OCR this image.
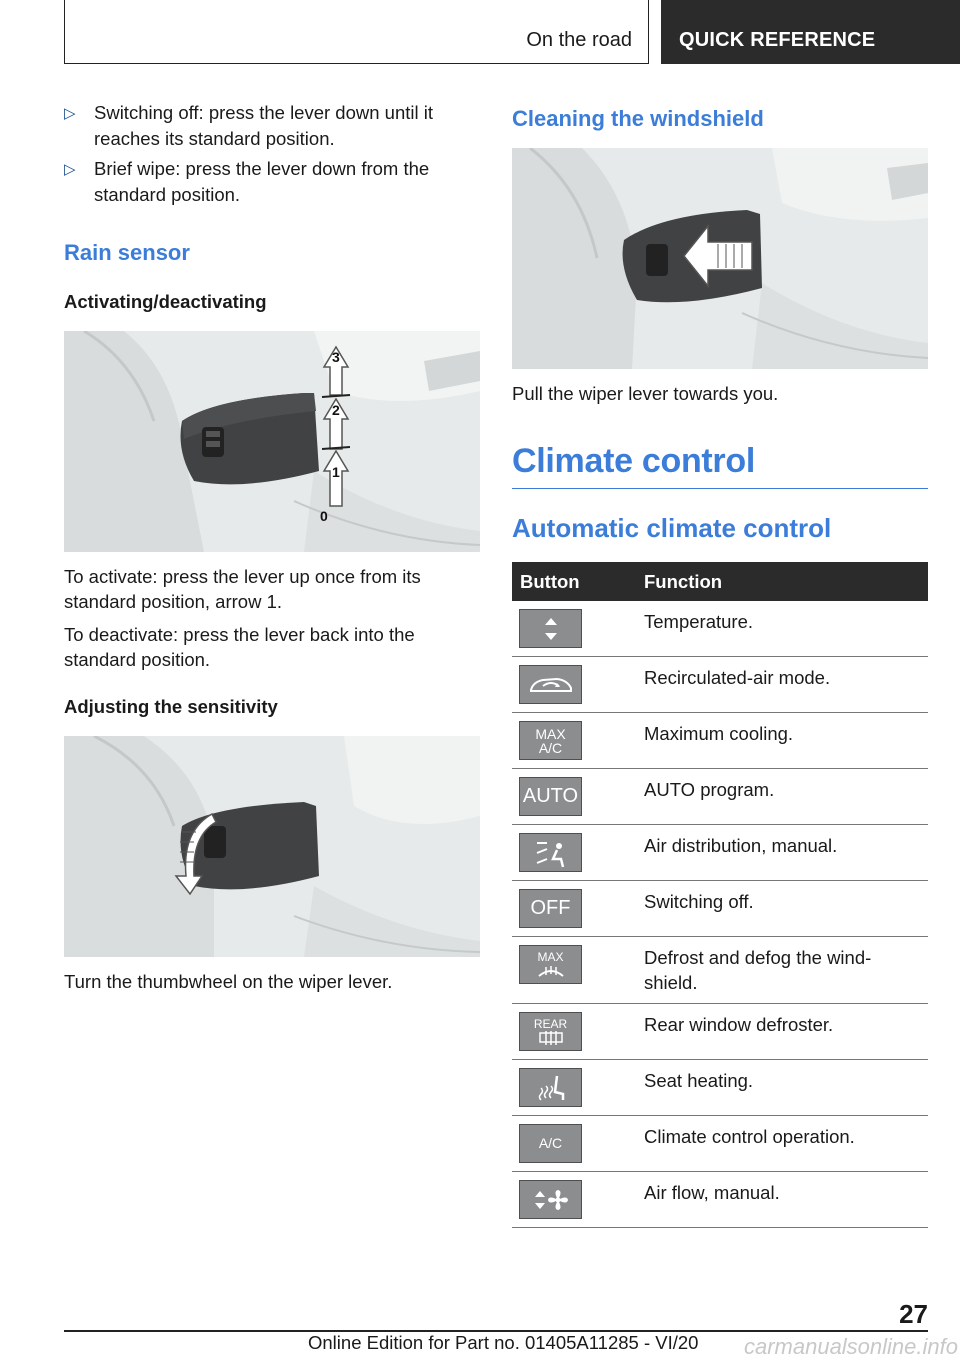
On the road QUICK REFERENCE
▷ Switching off: press the lever down until it reaches its standard position.
▷ Brief wipe: press the lever down from the standard position.
Rain sensor
Activating/deactivating
3
2
1
0
To activate: press the lever up once from its standard position, arrow 1.
To deactivate: press the lever back into the standard position.
Adjusting the sensitivity
Turn the thumbwheel on the wiper lever.
Cleaning the windshield
Pull the wiper lever towards you.
Climate control
Automatic climate control
Button	Function

	Temperature.

	Recirculated-air mode.

MAX
A/C	Maximum cooling.

AUTO	AUTO program.

	Air distribution, manual.

OFF	Switching off.

MAX	Defrost and defog the wind‐shield.

REAR	Rear window defroster.

	Seat heating.

A/C	Climate control operation.

	Air flow, manual.
27
Online Edition for Part no. 01405A11285 - VI/20 carmanualsonline.info
